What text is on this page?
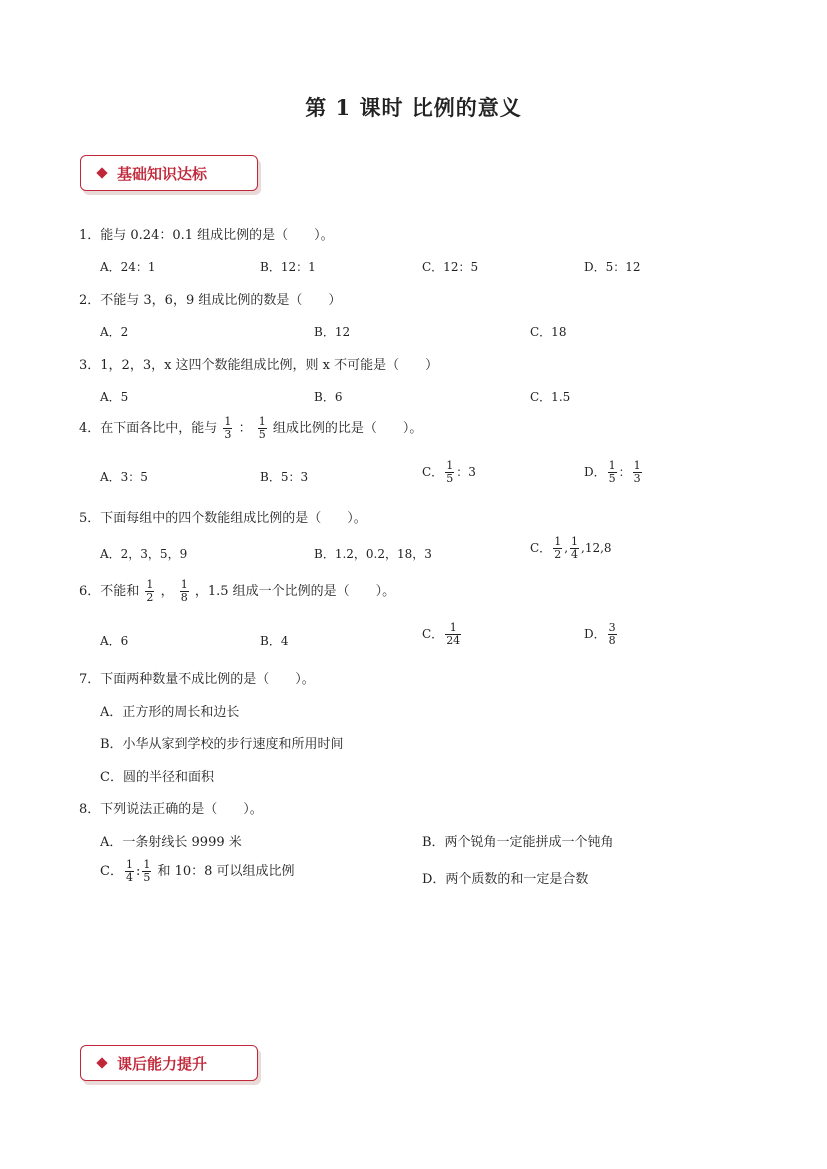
第 1 课时 比例的意义
基础知识达标
1．能与 0.24：0.1 组成比例的是（　　）。
A．24：1	B．12：1	C．12：5	D．5：12
2．不能与 3，6，9 组成比例的数是（　　）
A．2	B．12	C．18
3．1，2，3，x 这四个数能组成比例，则 x 不可能是（　　）
A．5	B．6	C．1.5
4．在下面各比中，能与 $\frac{1}{3}$ ： $\frac{1}{5}$ 组成比例的比是（　　）。
A．3：5	B．5：3	C． $\frac{1}{5}$ ：3	D． $\frac{1}{5}$ ： $\frac{1}{3}$
5．下面每组中的四个数能组成比例的是（　　）。
A．2，3，5，9	B．1.2，0.2，18，3	C． $\frac{1}{2}$ , $\frac{1}{4} ,12,8$
6．不能和 $\frac{1}{2}$ ， $\frac{1}{8}$ ，1.5 组成一个比例的是（　　）。
A．6	B．4	C． $\frac{1}{24}$	D． $\frac{3}{8}$
7．下面两种数量不成比例的是（　　）。
A．正方形的周长和边长
B．小华从家到学校的步行速度和所用时间
C．圆的半径和面积
8．下列说法正确的是（　　）。
A．一条射线长 9999 米	B．两个锐角一定能拼成一个钝角
C． $\frac{1}{4}$ : $\frac{1}{5}$ 和 10：8 可以组成比例
D．两个质数的和一定是合数
课后能力提升
